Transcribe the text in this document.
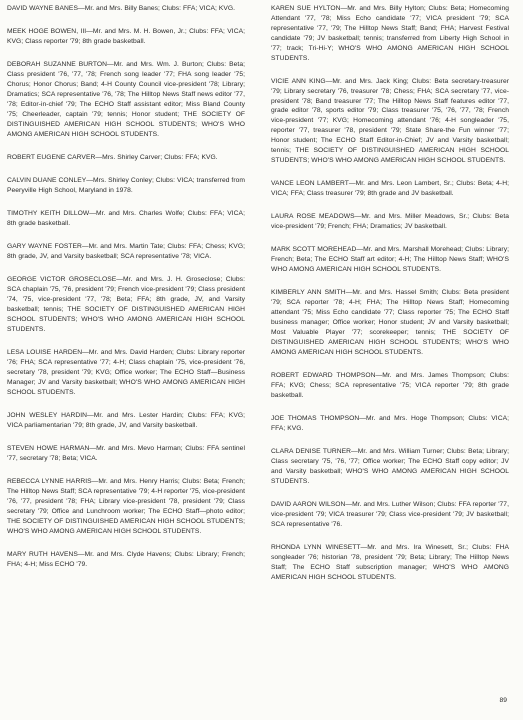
DAVID WAYNE BANES—Mr. and Mrs. Billy Banes; Clubs: FFA; VICA; KVG.

MEEK HOGE BOWEN, III—Mr. and Mrs. M. H. Bowen, Jr.; Clubs: FFA; VICA; KVG; Class reporter '79; 8th grade basketball.

DEBORAH SUZANNE BURTON—Mr. and Mrs. Wm. J. Burton; Clubs: Beta; Class president '76, '77, '78; French song leader '77; FHA song leader '75; Chorus; Honor Chorus; Band; 4-H County Council vice-president '78; Library; Dramatics; SCA representative '76, '78; The Hilltop News Staff news editor '77, '78; Editor-in-chief '79; The ECHO Staff assistant editor; Miss Bland County '75; Cheerleader, captain '79; tennis; Honor student; THE SOCIETY OF DISTINGUISHED AMERICAN HIGH SCHOOL STUDENTS; WHO'S WHO AMONG AMERICAN HIGH SCHOOL STUDENTS.

ROBERT EUGENE CARVER—Mrs. Shirley Carver; Clubs: FFA; KVG.

CALVIN DUANE CONLEY—Mrs. Shirley Conley; Clubs: VICA; transferred from Peeryville High School, Maryland in 1978.

TIMOTHY KEITH DILLOW—Mr. and Mrs. Charles Wolfe; Clubs: FFA; VICA; 8th grade basketball.

GARY WAYNE FOSTER—Mr. and Mrs. Martin Tate; Clubs: FFA; Chess; KVG; 8th grade, JV, and Varsity basketball; SCA representative '78; VICA.

GEORGE VICTOR GROSECLOSE—Mr. and Mrs. J. H. Groseclose; Clubs: SCA chaplain '75, '76, president '79; French vice-president '79; Class president '74, '75, vice-president '77, '78; Beta; FFA; 8th grade, JV, and Varsity basketball; tennis; THE SOCIETY OF DISTINGUISHED AMERICAN HIGH SCHOOL STUDENTS; WHO'S WHO AMONG AMERICAN HIGH SCHOOL STUDENTS.

LESA LOUISE HARDEN—Mr. and Mrs. David Harden; Clubs: Library reporter '76; FHA; SCA representative '77; 4-H; Class chaplain '75, vice-president '76, secretary '78, president '79; KVG; Office worker; The ECHO Staff—Business Manager; JV and Varsity basketball; WHO'S WHO AMONG AMERICAN HIGH SCHOOL STUDENTS.

JOHN WESLEY HARDIN—Mr. and Mrs. Lester Hardin; Clubs: FFA; KVG; VICA parliamentarian '79; 8th grade, JV, and Varsity basketball.

STEVEN HOWE HARMAN—Mr. and Mrs. Mevo Harman; Clubs: FFA sentinel '77, secretary '78; Beta; VICA.

REBECCA LYNNE HARRIS—Mr. and Mrs. Henry Harris; Clubs: Beta; French; The Hilltop News Staff; SCA representative '79; 4-H reporter '75, vice-president '76, '77, president '78; FHA; Library vice-president '78, president '79; Class secretary '79; Office and Lunchroom worker; The ECHO Staff—photo editor; THE SOCIETY OF DISTINGUISHED AMERICAN HIGH SCHOOL STUDENTS; WHO'S WHO AMONG AMERICAN HIGH SCHOOL STUDENTS.

MARY RUTH HAVENS—Mr. and Mrs. Clyde Havens; Clubs: Library; French; FHA; 4-H; Miss ECHO '79.

KAREN SUE HYLTON—Mr. and Mrs. Billy Hylton; Clubs: Beta; Homecoming Attendant '77, '78; Miss Echo candidate '77; VICA president '79; SCA representative '77, '79; The Hilltop News Staff; Band; FHA; Harvest Festival candidate '79; JV basketball; tennis; transferred from Liberty High School in '77; track; Tri-Hi-Y; WHO'S WHO AMONG AMERICAN HIGH SCHOOL STUDENTS.

VICIE ANN KING—Mr. and Mrs. Jack King; Clubs: Beta secretary-treasurer '79; Library secretary '76, treasurer '78; Chess; FHA; SCA secretary '77, vice-president '78; Band treasurer '77; The Hilltop News Staff features editor '77, grade editor '78, sports editor '79; Class treasurer '75, '76, '77, '78; French vice-president '77; KVG; Homecoming attendant '76; 4-H songleader '75, reporter '77, treasurer '78, president '79; State Share-the Fun winner '77; Honor student; The ECHO Staff Editor-in-Chief; JV and Varsity basketball; tennis; THE SOCIETY OF DISTINGUISHED AMERICAN HIGH SCHOOL STUDENTS; WHO'S WHO AMONG AMERICAN HIGH SCHOOL STUDENTS.

VANCE LEON LAMBERT—Mr. and Mrs. Leon Lambert, Sr.; Clubs: Beta; 4-H; VICA; FFA; Class treasurer '79; 8th grade and JV basketball.

LAURA ROSE MEADOWS—Mr. and Mrs. Miller Meadows, Sr.; Clubs: Beta vice-president '79; French; FHA; Dramatics; JV basketball.

MARK SCOTT MOREHEAD—Mr. and Mrs. Marshall Morehead; Clubs: Library; French; Beta; The ECHO Staff art editor; 4-H; The Hilltop News Staff; WHO'S WHO AMONG AMERICAN HIGH SCHOOL STUDENTS.

KIMBERLY ANN SMITH—Mr. and Mrs. Hassel Smith; Clubs: Beta president '79; SCA reporter '78; 4-H; FHA; The Hilltop News Staff; Homecoming attendant '75; Miss Echo candidate '77; Class reporter '75; The ECHO Staff business manager; Office worker; Honor student; JV and Varsity basketball; Most Valuable Player '77; scorekeeper; tennis; THE SOCIETY OF DISTINGUISHED AMERICAN HIGH SCHOOL STUDENTS; WHO'S WHO AMONG AMERICAN HIGH SCHOOL STUDENTS.

ROBERT EDWARD THOMPSON—Mr. and Mrs. James Thompson; Clubs: FFA; KVG; Chess; SCA representative '75; VICA reporter '79; 8th grade basketball.

JOE THOMAS THOMPSON—Mr. and Mrs. Hoge Thompson; Clubs: VICA; FFA; KVG.

CLARA DENISE TURNER—Mr. and Mrs. William Turner; Clubs: Beta; Library; Class secretary '75, '76, '77; Office worker; The ECHO Staff copy editor; JV and Varsity basketball; WHO'S WHO AMONG AMERICAN HIGH SCHOOL STUDENTS.

DAVID AARON WILSON—Mr. and Mrs. Luther Wilson; Clubs: FFA reporter '77, vice-president '79; VICA treasurer '79; Class vice-president '79; JV basketball; SCA representative '76.

RHONDA LYNN WINESETT—Mr. and Mrs. Ira Winesett, Sr.; Clubs: FHA songleader '76; historian '78, president '79; Beta; Library; The Hilltop News Staff; The ECHO Staff subscription manager; WHO'S WHO AMONG AMERICAN HIGH SCHOOL STUDENTS.

89
